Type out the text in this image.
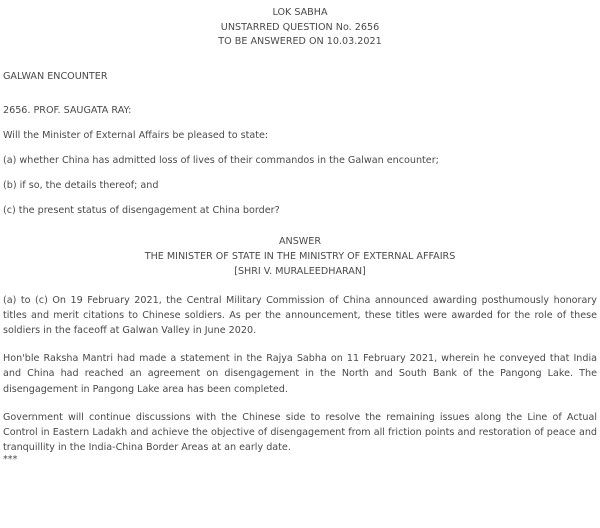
LOK SABHA
UNSTARRED QUESTION No. 2656
TO BE ANSWERED ON 10.03.2021
GALWAN ENCOUNTER
2656. PROF. SAUGATA RAY:
Will the Minister of External Affairs be pleased to state:
(a) whether China has admitted loss of lives of their commandos in the Galwan encounter;
(b) if so, the details thereof; and
(c) the present status of disengagement at China border?
ANSWER
THE MINISTER OF STATE IN THE MINISTRY OF EXTERNAL AFFAIRS
[SHRI V. MURALEEDHARAN]
(a) to (c) On 19 February 2021, the Central Military Commission of China announced awarding posthumously honorary titles and merit citations to Chinese soldiers. As per the announcement, these titles were awarded for the role of these soldiers in the faceoff at Galwan Valley in June 2020.
Hon'ble Raksha Mantri had made a statement in the Rajya Sabha on 11 February 2021, wherein he conveyed that India and China had reached an agreement on disengagement in the North and South Bank of the Pangong Lake. The disengagement in Pangong Lake area has been completed.
Government will continue discussions with the Chinese side to resolve the remaining issues along the Line of Actual Control in Eastern Ladakh and achieve the objective of disengagement from all friction points and restoration of peace and tranquillity in the India-China Border Areas at an early date.
***
